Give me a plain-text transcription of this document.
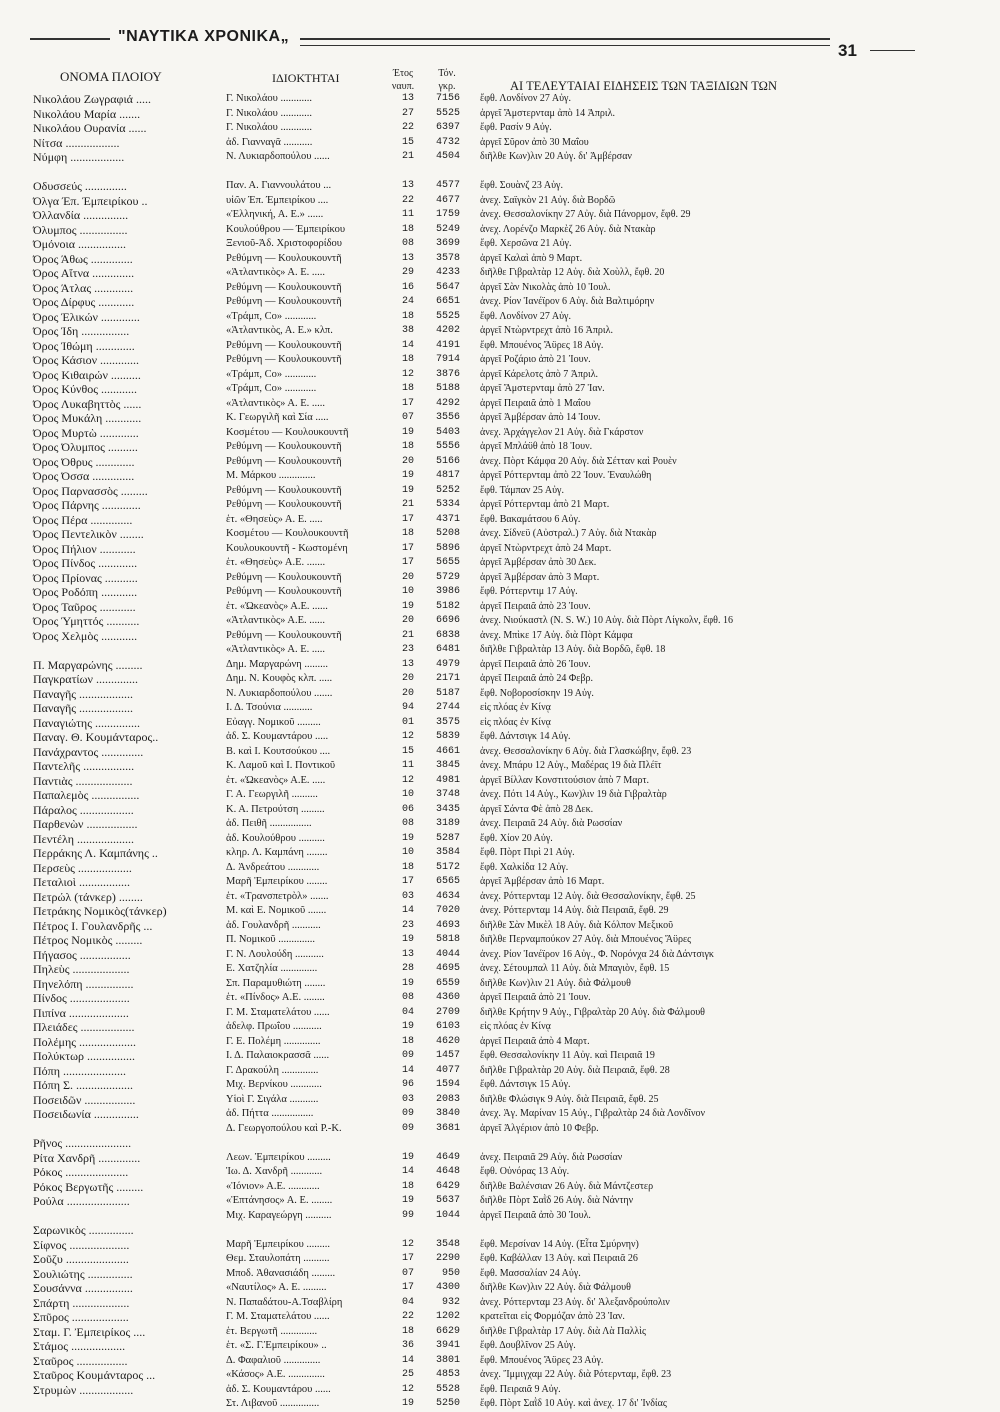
"ΝΑΥΤΙΚΑ ΧΡΟΝΙΚΑ„
31
ΟΝΟΜΑ ΠΛΟΙΟΥ	ΙΔΙΟΚΤΗΤΑΙ	Έτος ναυπ.
Τόν. γκρ.	ΑΙ ΤΕΛΕΥΤΑΙΑΙ ΕΙΔΗΣΕΙΣ ΤΩΝ ΤΑΞΙΔΙΩΝ ΤΩΝ
Νικολάου Ζωγραφιά .....	Γ. Νικολάου ............	13	7156 ἔφθ. Λονδίνον 27 Αὐγ.
Νικολάου Μαρία .......	Γ. Νικολάου ............	27	5525 ἀργεῖ Ἄμστερνταμ ἀπὸ 14 Ἀπριλ.
Νικολάου Ουρανία ......	Γ. Νικολάου ............	22	6397 ἔφθ. Ρασίν 9 Αὐγ.
Νίτσα ..................	ἀδ. Γιανναγᾶ ...........	15	4732 ἀργεῖ Σῦρον ἀπὸ 30 Μαΐου
Νύμφη ..................	Ν. Λυκιαρδοπούλου ......	21	4504 διῆλθε Κων)λιν 20 Αὐγ. δι' Ἀμβέρσαν
Οδυσσεύς ..............	Παν. Α. Γιαννουλάτου ...	13	4577 ἔφθ. Σουὰνζ 23 Αὐγ.
Όλγα Έπ. Έμπειρίκου ..	υἱῶν Έπ. Έμπειρίκου ....	22	4677 ἀνεχ. Σαϊγκὸν 21 Αὐγ. διὰ Βορδῶ
Όλλανδία ...............	«Ἑλληνική, Α. Ε.» ......	11	1759 ἀνεχ. Θεσσαλονίκην 27 Αὐγ. διὰ Πάνορμον, ἔφθ. 29
Όλυμπος ................	Κουλούθρου — Έμπειρίκου	18	5249 ἀνεχ. Λορένζο Μαρκὲζ 26 Αὐγ. διὰ Ντακὰρ
Όμόνοια ................	Ξενιοῦ-Ἀδ. Χριστοφορίδου	08	3699 ἔφθ. Χερσῶνα 21 Αὐγ.
Όρος Άθως ..............	Ρεθύμνη — Κουλουκουντῆ	13	3578 ἀργεῖ Καλαὶ ἀπὸ 9 Μαρτ.
Όρος Αἴτνα ..............	«Ἀτλαντικὸς» Α. Ε. .....	29	4233 διῆλθε Γιβραλτὰρ 12 Αὐγ. διὰ Χοὺλλ, ἔφθ. 20
Όρος Άτλας .............	Ρεθύμνη — Κουλουκουντῆ	16	5647 ἀργεῖ Σὰν Νικολὰς ἀπὸ 10 Ἰουλ.
Όρος Δίρφυς ............	Ρεθύμνη — Κουλουκουντῆ	24	6651 ἀνεχ. Ρίον Ἰανέϊρον 6 Αὐγ. διὰ Βαλτιμόρην
Όρος Έλικών .............	«Τράμπ, Co» ............	18	5525 ἔφθ. Λονδίνον 27 Αὐγ.
Όρος Ίδη ................	«Ἀτλαντικὸς, Α. Ε.» κλπ.	38	4202 ἀργεῖ Ντὼρντρεχτ ἀπὸ 16 Ἀπριλ.
Όρος Ίθώμη .............	Ρεθύμνη — Κουλουκουντῆ	14	4191 ἔφθ. Μπουένος Ἄϋρες 18 Αὐγ.
Όρος Κάσιον .............	Ρεθύμνη — Κουλουκουντῆ	18	7914 ἀργεῖ Ροζάριο ἀπὸ 21 Ἰουν.
Όρος Κιθαιρών ..........	«Τράμπ, Co» ............	12	3876 ἀργεῖ Κάρελοτς ἀπὸ 7 Ἀπριλ.
Όρος Κύνθος ............	«Τράμπ, Co» ............	18	5188 ἀργεῖ Ἄμστερνταμ ἀπὸ 27 Ἰαν.
Όρος Λυκαβηττὸς ......	«Ἀτλαντικὸς» Α. Ε. .....	17	4292 ἀργεῖ Πειραιᾶ ἀπὸ 1 Μαΐου
Όρος Μυκάλη ............	Κ. Γεωργιλῆ καὶ Σία .....	07	3556 ἀργεῖ Ἀμβέρσαν ἀπὸ 14 Ἰουν.
Όρος Μυρτὼ .............	Κοσμέτου — Κουλουκουντῆ	19	5403 ἀνεχ. Ἀρχάγγελον 21 Αὐγ. διὰ Γκάρστον
Όρος Όλυμπος ..........	Ρεθύμνη — Κουλουκουντῆ	18	5556 ἀργεῖ Μπλάϋθ ἀπὸ 18 Ἰουν.
Όρος Όθρυς .............	Ρεθύμνη — Κουλουκουντῆ	20	5166 ἀνεχ. Πὸρτ Κάμφα 20 Αὐγ. διὰ Σέτταν καὶ Ρουὲν
Όρος Όσσα ..............	Μ. Μάρκου ..............	19	4817 ἀργεῖ Ρόττερνταμ ἀπὸ 22 Ἰουν. Ἐναυλώθη
Όρος Παρνασσὸς .........	Ρεθύμνη — Κουλουκουντῆ	19	5252 ἔφθ. Τάμπαν 25 Αὐγ.
Όρος Πάρνης .............	Ρεθύμνη — Κουλουκουντῆ	21	5334 ἀργεῖ Ρόττερνταμ ἀπὸ 21 Μαρτ.
Όρος Πέρα ..............	ἑτ. «Θησεὺς» Α. Ε. .....	17	4371 ἔφθ. Βακαμάτσου 6 Αὐγ.
Όρος Πεντελικὸν ........	Κοσμέτου — Κουλουκουντῆ	18	5208 ἀνεχ. Σίδνεϋ (Αὐστραλ.) 7 Αὐγ. διὰ Ντακὰρ
Όρος Πήλιον ............	Κουλουκουντῆ - Κωστομένη	17	5896 ἀργεῖ Ντὼρντρεχτ ἀπὸ 24 Μαρτ.
Όρος Πίνδος .............	ἑτ. «Θησεὺς» Α.Ε. .......	17	5655 ἀργεῖ Ἀμβέρσαν ἀπὸ 30 Δεκ.
Όρος Πρίονας ...........	Ρεθύμνη — Κουλουκουντῆ	20	5729 ἀργεῖ Ἀμβέρσαν ἀπὸ 3 Μαρτ.
Όρος Ροδόπη ............	Ρεθύμνη — Κουλουκουντῆ	10	3986 ἔφθ. Ρόττερντιμ 17 Αὐγ.
Όρος Ταῦρος ............	ἑτ. «Ὠκεανὸς» Α.Ε. ......	19	5182 ἀργεῖ Πειραιᾶ ἀπὸ 23 Ἰουν.
Όρος Ύμηττός ...........	«Ἀτλαντικὸς» Α.Ε. ......	20	6696 ἀνεχ. Νιούκαστλ (N. S. W.) 10 Αὐγ. διὰ Πὸρτ Λίγκολν, ἔφθ. 16
Όρος Χελμὸς ............	Ρεθύμνη — Κουλουκουντῆ	21	6838 ἀνεχ. Μπὶκε 17 Αὐγ. διὰ Πὸρτ Κάμφα
«Ἀτλαντικὸς» Α. Ε. .....	23	6481 διῆλθε Γιβραλτὰρ 13 Αὐγ. διὰ Βορδῶ, ἔφθ. 18
Π. Μαργαρώνης .........	Δημ. Μαργαρώνη .........	13	4979 ἀργεῖ Πειραιᾶ ἀπὸ 26 Ἰουν.
Παγκρατίων ..............	Δημ. Ν. Κουφὸς κλπ. .....	20	2171 ἀργεῖ Πειραιᾶ ἀπὸ 24 Φεβρ.
Παναγῆς ..................	Ν. Λυκιαρδοπούλου .......	20	5187 ἔφθ. Νοβοροσίσκην 19 Αὐγ.
Παναγῆς ..................	Ι. Δ. Τσούνια ...........	94	2744 εἰς πλόας ἐν Κίνᾳ
Παναγιώτης ...............	Εὐαγγ. Νομικοῦ .........	01	3575 εἰς πλόας ἐν Κίνᾳ
Παναγ. Θ. Κουμάνταρος..	ἀδ. Σ. Κουμαντάρου .....	12	5839 ἔφθ. Δάντσιγκ 14 Αὐγ.
Πανάχραντος ..............	Β. καὶ Ι. Κουτσούκου ....	15	4661 ἀνεχ. Θεσσαλονίκην 6 Αὐγ. διὰ Γλασκώβην, ἔφθ. 23
Παντελῆς .................	Κ. Λαμοῦ καὶ Ι. Ποντικοῦ	11	3845 ἀνεχ. Μπάρυ 12 Αὐγ., Μαδέρας 19 διὰ Πλέϊτ
Παντιὰς ...................	ἑτ. «Ὠκεανὸς» Α.Ε. .....	12	4981 ἀργεῖ Βίλλαν Κονστιτούσιον ἀπὸ 7 Μαρτ.
Παπαλεμὸς ................	Γ. Α. Γεωργιλῆ ..........	10	3748 ἀνεχ. Πότι 14 Αὐγ., Κων)λιν 19 διὰ Γιβραλτὰρ
Πάραλος ..................	Κ. Α. Πετρούτση .........	06	3435 ἀργεῖ Σάντα Φὲ ἀπὸ 28 Δεκ.
Παρθενὼν .................	ἀδ. Πειθῆ ................	08	3189 ἀνεχ. Πειραιᾶ 24 Αὐγ. διὰ Ρωσσίαν
Πεντέλη ...................	ἀδ. Κουλούθρου ..........	19	5287 ἔφθ. Χίον 20 Αὐγ.
Περράκης Λ. Καμπάνης ..	κληρ. Λ. Καμπάνη ........	10	3584 ἔφθ. Πὸρτ Πιρὶ 21 Αὐγ.
Περσεὺς ..................	Δ. Ἀνδρεάτου ............	18	5172 ἔφθ. Χαλκίδα 12 Αὐγ.
Πεταλιοὶ .................	Μαρῆ Ἐμπειρίκου ........	17	6565 ἀργεῖ Ἀμβέρσαν ἀπὸ 16 Μαρτ.
Πετρώλ (τάνκερ) ........	ἑτ. «Τρανσπετρὸλ» .......	03	4634 ἀνεχ. Ρόττερνταμ 12 Αὐγ. διὰ Θεσσαλονίκην, ἔφθ. 25
Πετράκης Νομικὸς(τάνκερ)	Μ. καὶ Ε. Νομικοῦ .......	14	7020 ἀνεχ. Ρόττερνταμ 14 Αὐγ. διὰ Πειραιᾶ, ἔφθ. 29
Πέτρος Ι. Γουλανδρῆς ...	ἀδ. Γουλανδρῆ ...........	23	4693 διῆλθε Σὰν Μικὲλ 18 Αὐγ. διὰ Κόλπον Μεξικοῦ
Πέτρος Νομικὸς .........	Π. Νομικοῦ ..............	19	5818 διῆλθε Περναμπούκον 27 Αὐγ. διὰ Μπουένος Ἄϋρες
Πήγασος .................	Γ. Ν. Λουλούδη ...........	13	4044 ἀνεχ. Ρίον Ἰανέϊρον 16 Αὐγ., Φ. Νορόνχα 24 διὰ Δάντσιγκ
Πηλεὺς ...................	Ε. Χατζηλία ..............	28	4695 ἀνεχ. Σέτουμπαλ 11 Αὐγ. διὰ Μπαγιὸν, ἔφθ. 15
Πηνελόπη ................	Σπ. Παραμυθιώτη ........	19	6559 διῆλθε Κων)λιν 21 Αὐγ. διὰ Φάλμουθ
Πίνδος ....................	ἑτ. «Πίνδος» Α.Ε. ........	08	4360 ἀργεῖ Πειραιᾶ ἀπὸ 21 Ἰουν.
Πιπίνα ....................	Γ. Μ. Σταματελάτου ......	04	2709 διῆλθε Κρήτην 9 Αὐγ., Γιβραλτὰρ 20 Αὐγ. διὰ Φάλμουθ
Πλειάδες ..................	ἀδελφ. Πρωΐου ...........	19	6103 εἰς πλόας ἐν Κίνᾳ
Πολέμης ...................	Γ. Ε. Πολέμη ..............	18	4620 ἀργεῖ Πειραιᾶ ἀπὸ 4 Μαρτ.
Πολύκτωρ ................	Ι. Δ. Παλαιοκρασσᾶ ......	09	1457 ἔφθ. Θεσσαλονίκην 11 Αὐγ. καὶ Πειραιᾶ 19
Πόπη .....................	Γ. Δρακούλη ..............	14	4077 διῆλθε Γιβραλτὰρ 20 Αὐγ. διὰ Πειραιᾶ, ἔφθ. 28
Πόπη Σ. ...................	Μιχ. Βερνίκου ............	96	1594 ἔφθ. Δάντσιγκ 15 Αὐγ.
Ποσειδῶν .................	Υἱοὶ Γ. Σιγάλα ...........	03	2083 διῆλθε Φλώσιγκ 9 Αὐγ. διὰ Πειραιᾶ, ἔφθ. 25
Ποσειδωνία ...............	ἀδ. Πήττα ................	09	3840 ἀνεχ. Ἁγ. Μαρίναν 15 Αὐγ., Γιβραλτὰρ 24 διὰ Λονδῖνον
Δ. Γεωργοπούλου καὶ Ρ.-Κ.	09	3681 ἀργεῖ Ἀλγέριον ἀπὸ 10 Φεβρ.
Ρῆνος ......................
Ρίτα Χανδρῆ ..............	Λεων. Ἐμπειρίκου .........	19	4649 ἀνεχ. Πειραιᾶ 29 Αὐγ. διὰ Ρωσσίαν
Ρόκος .....................	Ἰω. Δ. Χανδρῆ ............	14	4648 ἔφθ. Οὐνόρας 13 Αὐγ.
Ρόκος Βεργωτῆς .........	«Ἰόνιον» Α.Ε. ............	18	6429 διῆλθε Βαλένσιαν 26 Αὐγ. διὰ Μάντζεστερ
Ρούλα .....................	«Ἑπτάνησος» Α. Ε. ........	19	5637 διῆλθε Πὸρτ Σαῒδ 26 Αὐγ. διὰ Νάντην
Μιχ. Καραγεώργη ..........	99	1044 ἀργεῖ Πειραιᾶ ἀπὸ 30 Ἰουλ.
Σαρωνικὸς ...............
Σίφνος ....................	Μαρῆ Ἐμπειρίκου .........	12	3548 ἔφθ. Μερσίναν 14 Αὐγ. (Εἶτα Σμύρνην)
Σοῦζυ .....................	Θεμ. Σταυλοπάτη ..........	17	2290 ἔφθ. Καβάλλαν 13 Αὐγ. καὶ Πειραιᾶ 26
Σουλιώτης ...............	Μποδ. Ἀθανασιάδη .........	07	950 ἔφθ. Μασσαλίαν 24 Αὐγ.
Σουσάννα ................	«Ναυτίλος» Α. Ε. .........	17	4300 διῆλθε Κων)λιν 22 Αὐγ. διὰ Φάλμουθ
Σπάρτη ...................	Ν. Παπαδάτου-Α.Τσαβλίρη	04	932 ἀνεχ. Ρόττερνταμ 23 Αὐγ. δι' Ἀλεξανδρούπολιν
Σπῦρος ...................	Γ. Μ. Σταματελάτου ......	22	1202 κρατεῖται εἰς Φορμόζαν ἀπὸ 23 Ἰαν.
Σταμ. Γ. Ἐμπειρίκος ....	ἑτ. Βεργωτῆ ..............	18	6629 διῆλθε Γιβραλτὰρ 17 Αὐγ. διὰ Λὰ Παλλὶς
Στάμος ..................	ἑτ. «Σ. Γ.Ἐμπειρίκου» ..	36	3941 ἔφθ. Δουβλῖνον 25 Αὐγ.
Σταῦρος .................	Δ. Φαφαλιοῦ ..............	14	3801 ἔφθ. Μπουένος Ἄϋρες 23 Αὐγ.
Σταῦρος Κουμάνταρος ...	«Κάσος» Α.Ε. ..............	25	4853 ἀνεχ. Ἴμμιγχαμ 22 Αὐγ. διὰ Ρότερνταμ, ἔφθ. 23
Στρυμὼν ..................	ἀδ. Σ. Κουμαντάρου ......	12	5528 ἔφθ. Πειραιᾶ 9 Αὐγ.
Στ. Λιβανοῦ ...............	19	5250 ἔφθ. Πὸρτ Σαῒδ 10 Αὐγ. καὶ ἀνεχ. 17 δι' Ἰνδίας
